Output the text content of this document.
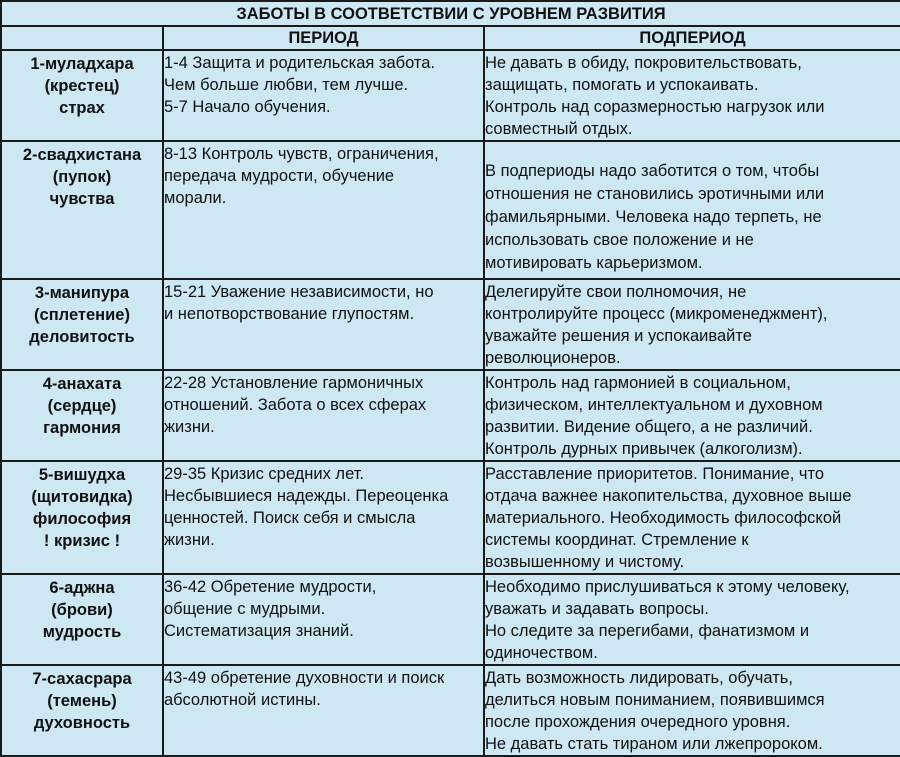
ЗАБОТЫ В СООТВЕТСТВИИ С УРОВНЕМ РАЗВИТИЯ		
	ПЕРИОД	ПОДПЕРИОД

1-муладхара
(крестец)
страх	1-4 Защита и родительская забота.
Чем больше любви, тем лучше.
5-7 Начало обучения.	Не давать в обиду, покровительствовать,
защищать, помогать и успокаивать.
Контроль над соразмерностью нагрузок или
совместный отдых.

2-свадхистана
(пупок)
чувства	8-13 Контроль чувств, ограничения,
передача мудрости, обучение
морали.	В подпериоды надо заботится о том, чтобы
отношения не становились эротичными или
фамильярными. Человека надо терпеть, не
использовать свое положение и не
мотивировать карьеризмом.

3-манипура
(сплетение)
деловитость	15-21 Уважение независимости, но
и непотворствование глупостям.	Делегируйте свои полномочия, не
контролируйте процесс (микроменеджмент),
уважайте решения и успокаивайте
революционеров.

4-анахата
(сердце)
гармония	22-28 Установление гармоничных
отношений. Забота о всех сферах
жизни.	Контроль над гармонией в социальном,
физическом, интеллектуальном и духовном
развитии. Видение общего, а не различий.
Контроль дурных привычек (алкоголизм).

5-вишудха
(щитовидка)
философия
! кризис !	29-35 Кризис средних лет.
Несбывшиеся надежды. Переоценка
ценностей. Поиск себя и смысла
жизни.	Расставление приоритетов. Понимание, что
отдача важнее накопительства, духовное выше
материального. Необходимость философской
системы координат. Стремление к
возвышенному и чистому.

6-аджна
(брови)
мудрость	36-42 Обретение мудрости,
общение с мудрыми.
Систематизация знаний.	Необходимо прислушиваться к этому человеку,
уважать и задавать вопросы.
Но следите за перегибами, фанатизмом и
одиночеством.

7-сахасрара
(темень)
духовность	43-49 обретение духовности и поиск
абсолютной истины.	Дать возможность лидировать, обучать,
делиться новым пониманием, появившимся
после прохождения очередного уровня.
Не давать стать тираном или лжепророком.
